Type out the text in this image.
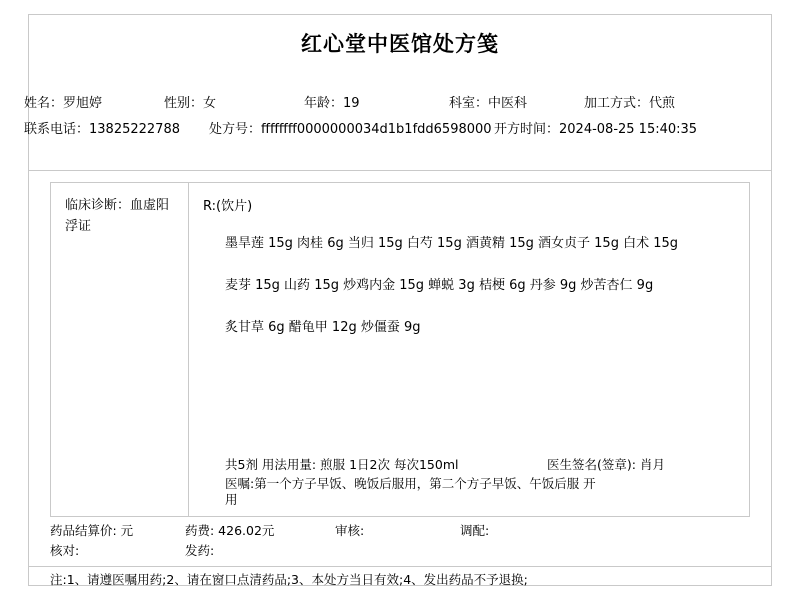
红心堂中医馆处方笺
姓名：罗旭婷	性别：女	年龄：19	科室：中医科	加工方式：代煎
联系电话：13825222788	处方号：ffffffff0000000034d1b1fdd6598000 开方时间：2024-08-25 15:40:35
临床诊断：血虚阳浮证
R:(饮片)
墨旱莲 15g 肉桂 6g 当归 15g 白芍 15g 酒黄精 15g 酒女贞子 15g 白术 15g
麦芽 15g 山药 15g 炒鸡内金 15g 蝉蜕 3g 桔梗 6g 丹参 9g 炒苦杏仁 9g
炙甘草 6g 醋龟甲 12g 炒僵蚕 9g
共5剂 用法用量: 煎服 1日2次 每次150ml	医生签名(签章): 肖月
医嘱:第一个方子早饭、晚饭后服用，第二个方子早饭、午饭后服 开
用
药品结算价: 元	药费: 426.02元	审核:	调配:
核对:	发药:
注:1、请遵医嘱用药;2、请在窗口点清药品;3、本处方当日有效;4、发出药品不予退换;
